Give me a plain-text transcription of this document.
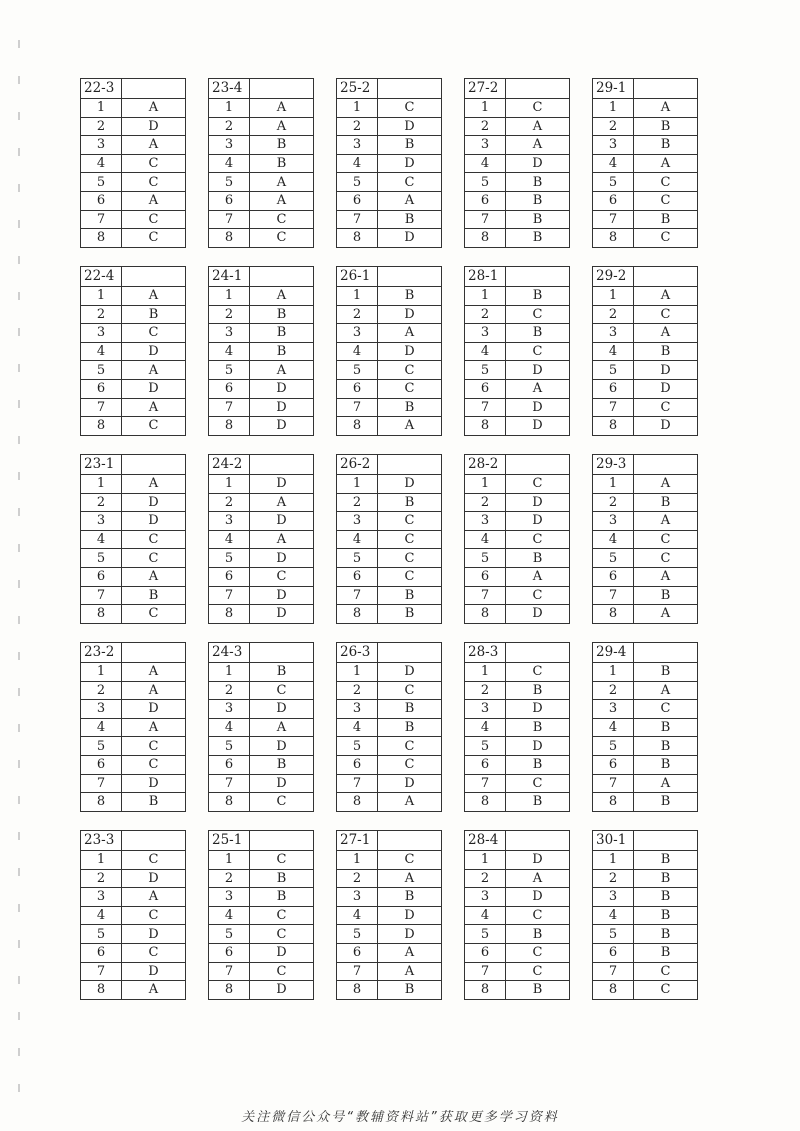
22-3	
1	A
2	D
3	A
4	C
5	C
6	A
7	C
8	C
23-4	
1	A
2	A
3	B
4	B
5	A
6	A
7	C
8	C
25-2	
1	C
2	D
3	B
4	D
5	C
6	A
7	B
8	D
27-2	
1	C
2	A
3	A
4	D
5	B
6	B
7	B
8	B
29-1	
1	A
2	B
3	B
4	A
5	C
6	C
7	B
8	C
22-4	
1	A
2	B
3	C
4	D
5	A
6	D
7	A
8	C
24-1	
1	A
2	B
3	B
4	B
5	A
6	D
7	D
8	D
26-1	
1	B
2	D
3	A
4	D
5	C
6	C
7	B
8	A
28-1	
1	B
2	C
3	B
4	C
5	D
6	A
7	D
8	D
29-2	
1	A
2	C
3	A
4	B
5	D
6	D
7	C
8	D
23-1	
1	A
2	D
3	D
4	C
5	C
6	A
7	B
8	C
24-2	
1	D
2	A
3	D
4	A
5	D
6	C
7	D
8	D
26-2	
1	D
2	B
3	C
4	C
5	C
6	C
7	B
8	B
28-2	
1	C
2	D
3	D
4	C
5	B
6	A
7	C
8	D
29-3	
1	A
2	B
3	A
4	C
5	C
6	A
7	B
8	A
23-2	
1	A
2	A
3	D
4	A
5	C
6	C
7	D
8	B
24-3	
1	B
2	C
3	D
4	A
5	D
6	B
7	D
8	C
26-3	
1	D
2	C
3	B
4	B
5	C
6	C
7	D
8	A
28-3	
1	C
2	B
3	D
4	B
5	D
6	B
7	C
8	B
29-4	
1	B
2	A
3	C
4	B
5	B
6	B
7	A
8	B
23-3	
1	C
2	D
3	A
4	C
5	D
6	C
7	D
8	A
25-1	
1	C
2	B
3	B
4	C
5	C
6	D
7	C
8	D
27-1	
1	C
2	A
3	B
4	D
5	D
6	A
7	A
8	B
28-4	
1	D
2	A
3	D
4	C
5	B
6	C
7	C
8	B
30-1	
1	B
2	B
3	B
4	B
5	B
6	B
7	C
8	C
关注微信公众号“教辅资料站”获取更多学习资料
